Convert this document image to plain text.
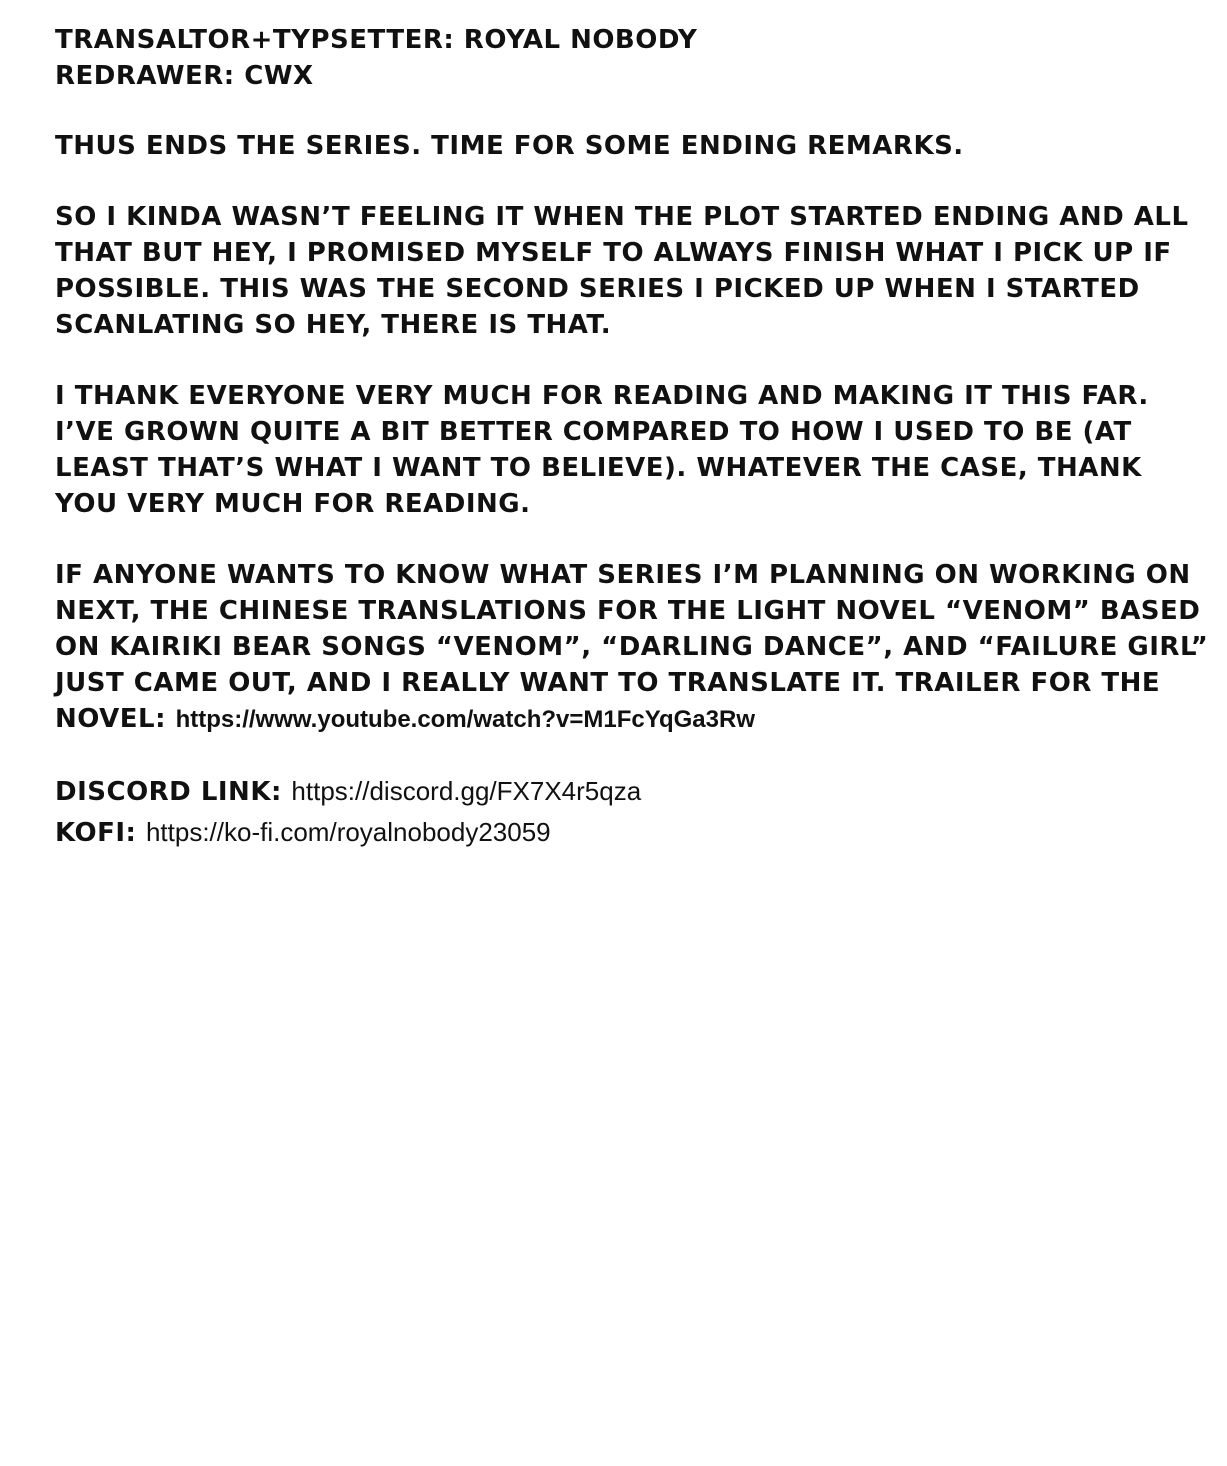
TRANSALTOR+TYPSETTER: ROYAL NOBODY
REDRAWER: CWX
THUS ENDS THE SERIES. TIME FOR SOME ENDING REMARKS.
SO I KINDA WASN’T FEELING IT WHEN THE PLOT STARTED ENDING AND ALL
THAT BUT HEY, I PROMISED MYSELF TO ALWAYS FINISH WHAT I PICK UP IF
POSSIBLE. THIS WAS THE SECOND SERIES I PICKED UP WHEN I STARTED
SCANLATING SO HEY, THERE IS THAT.
I THANK EVERYONE VERY MUCH FOR READING AND MAKING IT THIS FAR.
I’VE GROWN QUITE A BIT BETTER COMPARED TO HOW I USED TO BE (AT
LEAST THAT’S WHAT I WANT TO BELIEVE). WHATEVER THE CASE, THANK
YOU VERY MUCH FOR READING.
IF ANYONE WANTS TO KNOW WHAT SERIES I’M PLANNING ON WORKING ON
NEXT, THE CHINESE TRANSLATIONS FOR THE LIGHT NOVEL “VENOM” BASED
ON KAIRIKI BEAR SONGS “VENOM”, “DARLING DANCE”, AND “FAILURE GIRL”
JUST CAME OUT, AND I REALLY WANT TO TRANSLATE IT. TRAILER FOR THE
NOVEL: https://www.youtube.com/watch?v=M1FcYqGa3Rw
DISCORD LINK: https://discord.gg/FX7X4r5qza
KOFI: https://ko-fi.com/royalnobody23059
